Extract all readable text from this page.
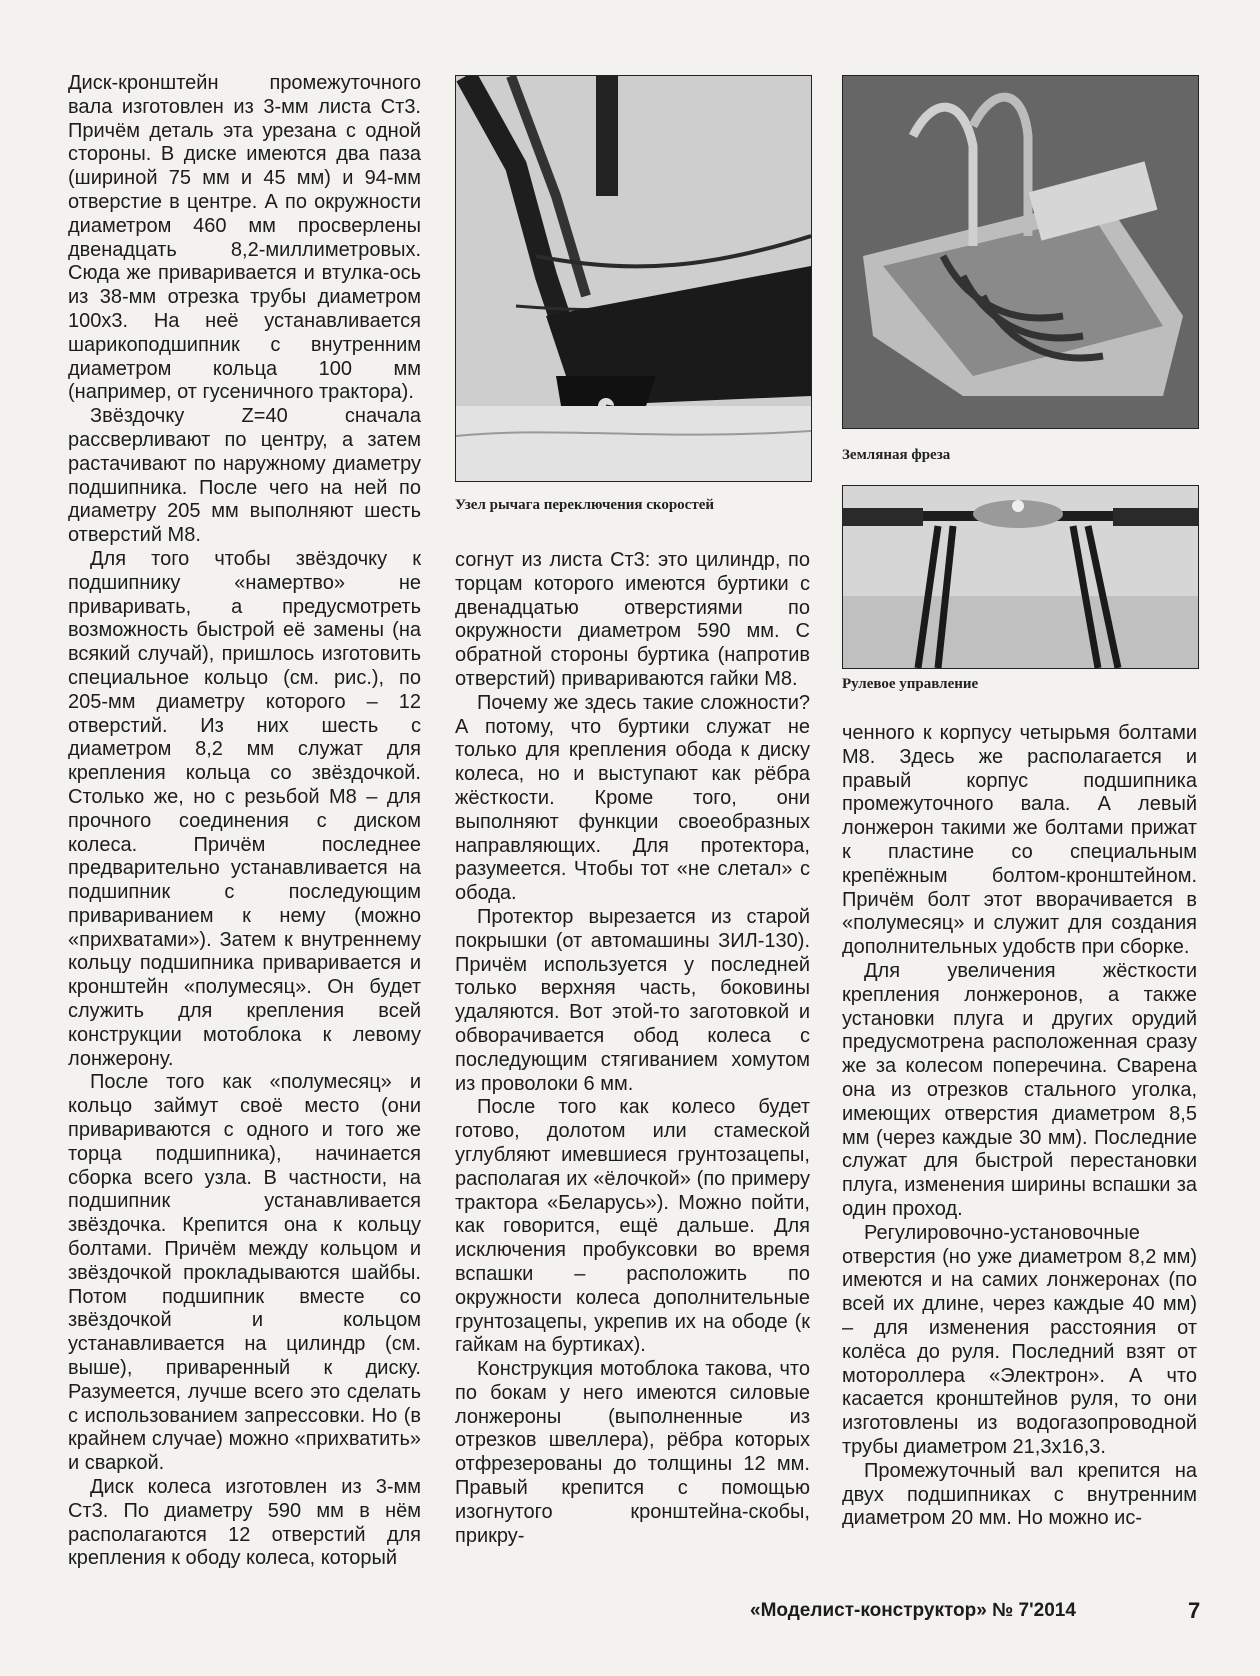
Диск-кронштейн промежуточного вала изготовлен из 3-мм листа Ст3. Причём деталь эта урезана с одной стороны. В диске имеются два паза (шириной 75 мм и 45 мм) и 94-мм отверстие в центре. А по окружности диаметром 460 мм просверлены двенадцать 8,2-миллиметровых. Сюда же приваривается и втулка-ось из 38-мм отрезка трубы диаметром 100х3. На неё устанавливается шарикоподшипник с внутренним диаметром кольца 100 мм (например, от гусеничного трактора).

Звёздочку Z=40 сначала рассверливают по центру, а затем растачивают по наружному диаметру подшипника. После чего на ней по диаметру 205 мм выполняют шесть отверстий М8.

Для того чтобы звёздочку к подшипнику «намертво» не приваривать, а предусмотреть возможность быстрой её замены (на всякий случай), пришлось изготовить специальное кольцо (см. рис.), по 205-мм диаметру которого – 12 отверстий. Из них шесть с диаметром 8,2 мм служат для крепления кольца со звёздочкой. Столько же, но с резьбой М8 – для прочного соединения с диском колеса. Причём последнее предварительно устанавливается на подшипник с последующим привариванием к нему (можно «прихватами»). Затем к внутреннему кольцу подшипника приваривается и кронштейн «полумесяц». Он будет служить для крепления всей конструкции мотоблока к левому лонжерону.

После того как «полумесяц» и кольцо займут своё место (они привариваются с одного и того же торца подшипника), начинается сборка всего узла. В частности, на подшипник устанавливается звёздочка. Крепится она к кольцу болтами. Причём между кольцом и звёздочкой прокладываются шайбы. Потом подшипник вместе со звёздочкой и кольцом устанавливается на цилиндр (см. выше), приваренный к диску. Разумеется, лучше всего это сделать с использованием запрессовки. Но (в крайнем случае) можно «прихватить» и сваркой.

Диск колеса изготовлен из 3-мм Ст3. По диаметру 590 мм в нём располагаются 12 отверстий для крепления к ободу колеса, который

Узел рычага переключения скоростей
Земляная фреза
Рулевое управление

согнут из листа Ст3: это цилиндр, по торцам которого имеются буртики с двенадцатью отверстиями по окружности диаметром 590 мм. С обратной стороны буртика (напротив отверстий) привариваются гайки М8.

Почему же здесь такие сложности? А потому, что буртики служат не только для крепления обода к диску колеса, но и выступают как рёбра жёсткости. Кроме того, они выполняют функции своеобразных направляющих. Для протектора, разумеется. Чтобы тот «не слетал» с обода.

Протектор вырезается из старой покрышки (от автомашины ЗИЛ-130). Причём используется у последней только верхняя часть, боковины удаляются. Вот этой-то заготовкой и обворачивается обод колеса с последующим стягиванием хомутом из проволоки 6 мм.

После того как колесо будет готово, долотом или стамеской углубляют имевшиеся грунтозацепы, располагая их «ёлочкой» (по примеру трактора «Беларусь»). Можно пойти, как говорится, ещё дальше. Для исключения пробуксовки во время вспашки – расположить по окружности колеса дополнительные грунтозацепы, укрепив их на ободе (к гайкам на буртиках).

Конструкция мотоблока такова, что по бокам у него имеются силовые лонжероны (выполненные из отрезков швеллера), рёбра которых отфрезерованы до толщины 12 мм. Правый крепится с помощью изогнутого кронштейна-скобы, прикру-

ченного к корпусу четырьмя болтами М8. Здесь же располагается и правый корпус подшипника промежуточного вала. А левый лонжерон такими же болтами прижат к пластине со специальным крепёжным болтом-кронштейном. Причём болт этот вворачивается в «полумесяц» и служит для создания дополнительных удобств при сборке.

Для увеличения жёсткости крепления лонжеронов, а также установки плуга и других орудий предусмотрена расположенная сразу же за колесом поперечина. Сварена она из отрезков стального уголка, имеющих отверстия диаметром 8,5 мм (через каждые 30 мм). Последние служат для быстрой перестановки плуга, изменения ширины вспашки за один проход.

Регулировочно-установочные отверстия (но уже диаметром 8,2 мм) имеются и на самих лонжеронах (по всей их длине, через каждые 40 мм) – для изменения расстояния от колёса до руля. Последний взят от мотороллера «Электрон». А что касается кронштейнов руля, то они изготовлены из водогазопроводной трубы диаметром 21,3х16,3.

Промежуточный вал крепится на двух подшипниках с внутренним диаметром 20 мм. Но можно ис-

«Моделист-конструктор» № 7'2014	7
